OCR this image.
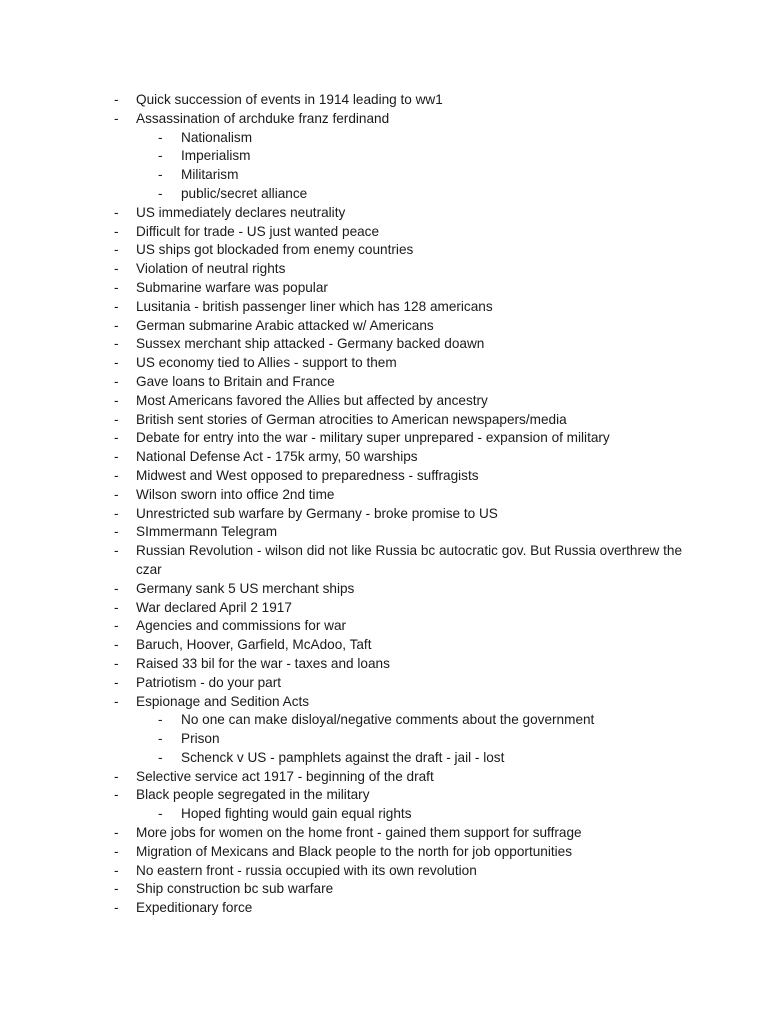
- Quick succession of events in 1914 leading to ww1
- Assassination of archduke franz ferdinand
- Nationalism
- Imperialism
- Militarism
- public/secret alliance
- US immediately declares neutrality
- Difficult for trade - US just wanted peace
- US ships got blockaded from enemy countries
- Violation of neutral rights
- Submarine warfare was popular
- Lusitania - british passenger liner which has 128 americans
- German submarine Arabic attacked w/ Americans
- Sussex merchant ship attacked - Germany backed doawn
- US economy tied to Allies - support to them
- Gave loans to Britain and France
- Most Americans favored the Allies but affected by ancestry
- British sent stories of German atrocities to American newspapers/media
- Debate for entry into the war - military super unprepared - expansion of military
- National Defense Act - 175k army, 50 warships
- Midwest and West opposed to preparedness - suffragists
- Wilson sworn into office 2nd time
- Unrestricted sub warfare by Germany - broke promise to US
- SImmermann Telegram
- Russian Revolution - wilson did not like Russia bc autocratic gov. But Russia overthrew the czar
- Germany sank 5 US merchant ships
- War declared April 2 1917
- Agencies and commissions for war
- Baruch, Hoover, Garfield, McAdoo, Taft
- Raised 33 bil for the war - taxes and loans
- Patriotism - do your part
- Espionage and Sedition Acts
- No one can make disloyal/negative comments about the government
- Prison
- Schenck v US - pamphlets against the draft - jail - lost
- Selective service act 1917 - beginning of the draft
- Black people segregated in the military
- Hoped fighting would gain equal rights
- More jobs for women on the home front - gained them support for suffrage
- Migration of Mexicans and Black people to the north for job opportunities
- No eastern front - russia occupied with its own revolution
- Ship construction bc sub warfare
- Expeditionary force
